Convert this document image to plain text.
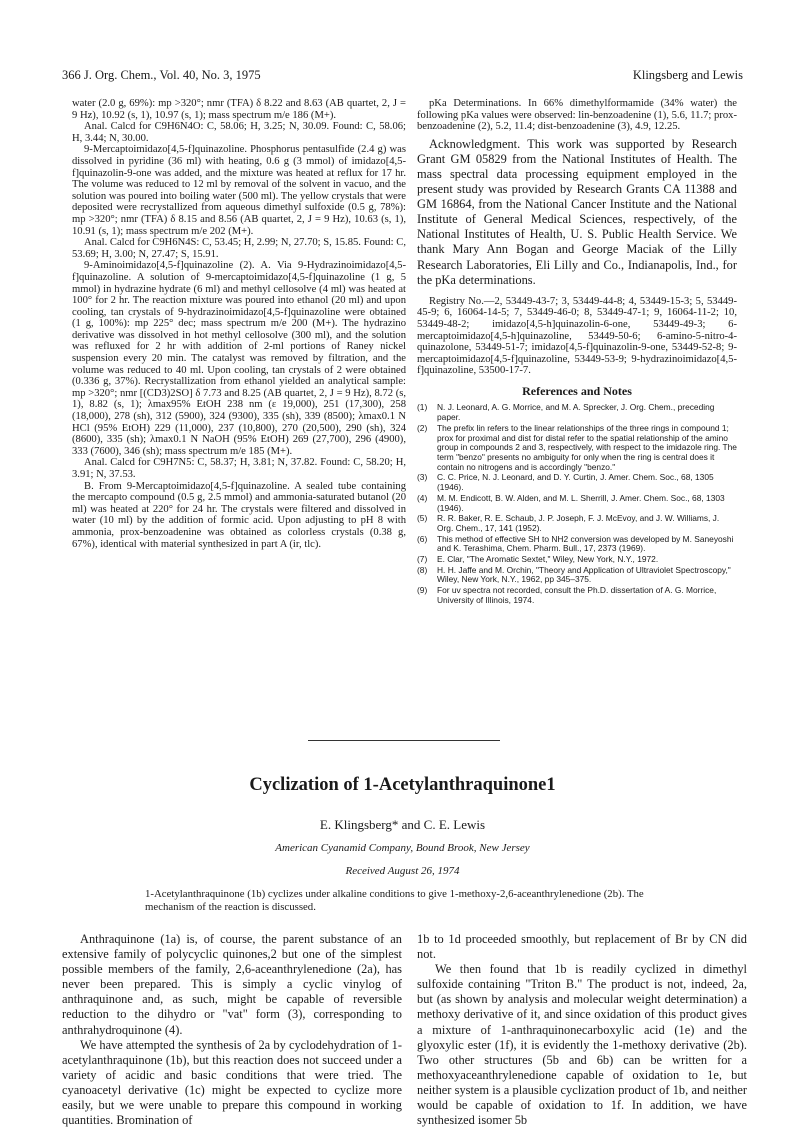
366 J. Org. Chem., Vol. 40, No. 3, 1975	Klingsberg and Lewis

water (2.0 g, 69%): mp >320°; nmr (TFA) δ 8.22 and 8.63 (AB quartet, 2, J = 9 Hz), 10.92 (s, 1), 10.97 (s, 1); mass spectrum m/e 186 (M+).

Anal. Calcd for C9H6N4O: C, 58.06; H, 3.25; N, 30.09. Found: C, 58.06; H, 3.44; N, 30.00.

9-Mercaptoimidazo[4,5-f]quinazoline. Phosphorus pentasulfide (2.4 g) was dissolved in pyridine (36 ml) with heating, 0.6 g (3 mmol) of imidazo[4,5-f]quinazolin-9-one was added, and the mixture was heated at reflux for 17 hr. The volume was reduced to 12 ml by removal of the solvent in vacuo, and the solution was poured into boiling water (500 ml). The yellow crystals that were deposited were recrystallized from aqueous dimethyl sulfoxide (0.5 g, 78%): mp >320°; nmr (TFA) δ 8.15 and 8.56 (AB quartet, 2, J = 9 Hz), 10.63 (s, 1), 10.91 (s, 1); mass spectrum m/e 202 (M+).

Anal. Calcd for C9H6N4S: C, 53.45; H, 2.99; N, 27.70; S, 15.85. Found: C, 53.69; H, 3.00; N, 27.47; S, 15.91.

9-Aminoimidazo[4,5-f]quinazoline (2). A. Via 9-Hydrazinoimidazo[4,5-f]quinazoline. A solution of 9-mercaptoimidazo[4,5-f]quinazoline (1 g, 5 mmol) in hydrazine hydrate (6 ml) and methyl cellosolve (4 ml) was heated at 100° for 2 hr. The reaction mixture was poured into ethanol (20 ml) and upon cooling, tan crystals of 9-hydrazinoimidazo[4,5-f]quinazoline were obtained (1 g, 100%): mp 225° dec; mass spectrum m/e 200 (M+). The hydrazino derivative was dissolved in hot methyl cellosolve (300 ml), and the solution was refluxed for 2 hr with addition of 2-ml portions of Raney nickel suspension every 20 min. The catalyst was removed by filtration, and the volume was reduced to 40 ml. Upon cooling, tan crystals of 2 were obtained (0.336 g, 37%). Recrystallization from ethanol yielded an analytical sample: mp >320°; nmr [(CD3)2SO] δ 7.73 and 8.25 (AB quartet, 2, J = 9 Hz), 8.72 (s, 1), 8.82 (s, 1); λmax95% EtOH 238 nm (ε 19,000), 251 (17,300), 258 (18,000), 278 (sh), 312 (5900), 324 (9300), 335 (sh), 339 (8500); λmax0.1 N HCl (95% EtOH) 229 (11,000), 237 (10,800), 270 (20,500), 290 (sh), 324 (8600), 335 (sh); λmax0.1 N NaOH (95% EtOH) 269 (27,700), 296 (4900), 333 (7600), 346 (sh); mass spectrum m/e 185 (M+).

Anal. Calcd for C9H7N5: C, 58.37; H, 3.81; N, 37.82. Found: C, 58.20; H, 3.91; N, 37.53.

B. From 9-Mercaptoimidazo[4,5-f]quinazoline. A sealed tube containing the mercapto compound (0.5 g, 2.5 mmol) and ammonia-saturated butanol (20 ml) was heated at 220° for 24 hr. The crystals were filtered and dissolved in water (10 ml) by the addition of formic acid. Upon adjusting to pH 8 with ammonia, prox-benzoadenine was obtained as colorless crystals (0.38 g, 67%), identical with material synthesized in part A (ir, tlc).

pKa Determinations. In 66% dimethylformamide (34% water) the following pKa values were observed: lin-benzoadenine (1), 5.6, 11.7; prox-benzoadenine (2), 5.2, 11.4; dist-benzoadenine (3), 4.9, 12.25.

Acknowledgment. This work was supported by Research Grant GM 05829 from the National Institutes of Health. The mass spectral data processing equipment employed in the present study was provided by Research Grants CA 11388 and GM 16864, from the National Cancer Institute and the National Institute of General Medical Sciences, respectively, of the National Institutes of Health, U. S. Public Health Service. We thank Mary Ann Bogan and George Maciak of the Lilly Research Laboratories, Eli Lilly and Co., Indianapolis, Ind., for the pKa determinations.

Registry No.—2, 53449-43-7; 3, 53449-44-8; 4, 53449-15-3; 5, 53449-45-9; 6, 16064-14-5; 7, 53449-46-0; 8, 53449-47-1; 9, 16064-11-2; 10, 53449-48-2; imidazo[4,5-h]quinazolin-6-one, 53449-49-3; 6-mercaptoimidazo[4,5-h]quinazoline, 53449-50-6; 6-amino-5-nitro-4-quinazolone, 53449-51-7; imidazo[4,5-f]quinazolin-9-one, 53449-52-8; 9-mercaptoimidazo[4,5-f]quinazoline, 53449-53-9; 9-hydrazinoimidazo[4,5-f]quinazoline, 53500-17-7.

References and Notes
(1) N. J. Leonard, A. G. Morrice, and M. A. Sprecker, J. Org. Chem., preceding paper.
(2) The prefix lin refers to the linear relationships of the three rings in compound 1; prox for proximal and dist for distal refer to the spatial relationship of the amino group in compounds 2 and 3, respectively, with respect to the imidazole ring. The term "benzo" presents no ambiguity for only when the ring is central does it contain no nitrogens and is accordingly "benzo."
(3) C. C. Price, N. J. Leonard, and D. Y. Curtin, J. Amer. Chem. Soc., 68, 1305 (1946).
(4) M. M. Endicott, B. W. Alden, and M. L. Sherrill, J. Amer. Chem. Soc., 68, 1303 (1946).
(5) R. R. Baker, R. E. Schaub, J. P. Joseph, F. J. McEvoy, and J. W. Williams, J. Org. Chem., 17, 141 (1952).
(6) This method of effective SH to NH2 conversion was developed by M. Saneyoshi and K. Terashima, Chem. Pharm. Bull., 17, 2373 (1969).
(7) E. Clar, "The Aromatic Sextet," Wiley, New York, N.Y., 1972.
(8) H. H. Jaffe and M. Orchin, "Theory and Application of Ultraviolet Spectroscopy," Wiley, New York, N.Y., 1962, pp 345–375.
(9) For uv spectra not recorded, consult the Ph.D. dissertation of A. G. Morrice, University of Illinois, 1974.
Cyclization of 1-Acetylanthraquinone1
E. Klingsberg* and C. E. Lewis
American Cyanamid Company, Bound Brook, New Jersey
Received August 26, 1974
1-Acetylanthraquinone (1b) cyclizes under alkaline conditions to give 1-methoxy-2,6-aceanthrylenedione (2b). The mechanism of the reaction is discussed.

Anthraquinone (1a) is, of course, the parent substance of an extensive family of polycyclic quinones,2 but one of the simplest possible members of the family, 2,6-aceanthrylenedione (2a), has never been prepared. This is simply a cyclic vinylog of anthraquinone and, as such, might be capable of reversible reduction to the dihydro or "vat" form (3), corresponding to anthrahydroquinone (4).

We have attempted the synthesis of 2a by cyclodehydration of 1-acetylanthraquinone (1b), but this reaction does not succeed under a variety of acidic and basic conditions that were tried. The cyanoacetyl derivative (1c) might be expected to cyclize more easily, but we were unable to prepare this compound in working quantities. Bromination of

1b to 1d proceeded smoothly, but replacement of Br by CN did not.

We then found that 1b is readily cyclized in dimethyl sulfoxide containing "Triton B." The product is not, indeed, 2a, but (as shown by analysis and molecular weight determination) a methoxy derivative of it, and since oxidation of this product gives a mixture of 1-anthraquinonecarboxylic acid (1e) and the glyoxylic ester (1f), it is evidently the 1-methoxy derivative (2b). Two other structures (5b and 6b) can be written for a methoxyaceanthrylenedione capable of oxidation to 1e, but neither system is a plausible cyclization product of 1b, and neither would be capable of oxidation to 1f. In addition, we have synthesized isomer 5b
